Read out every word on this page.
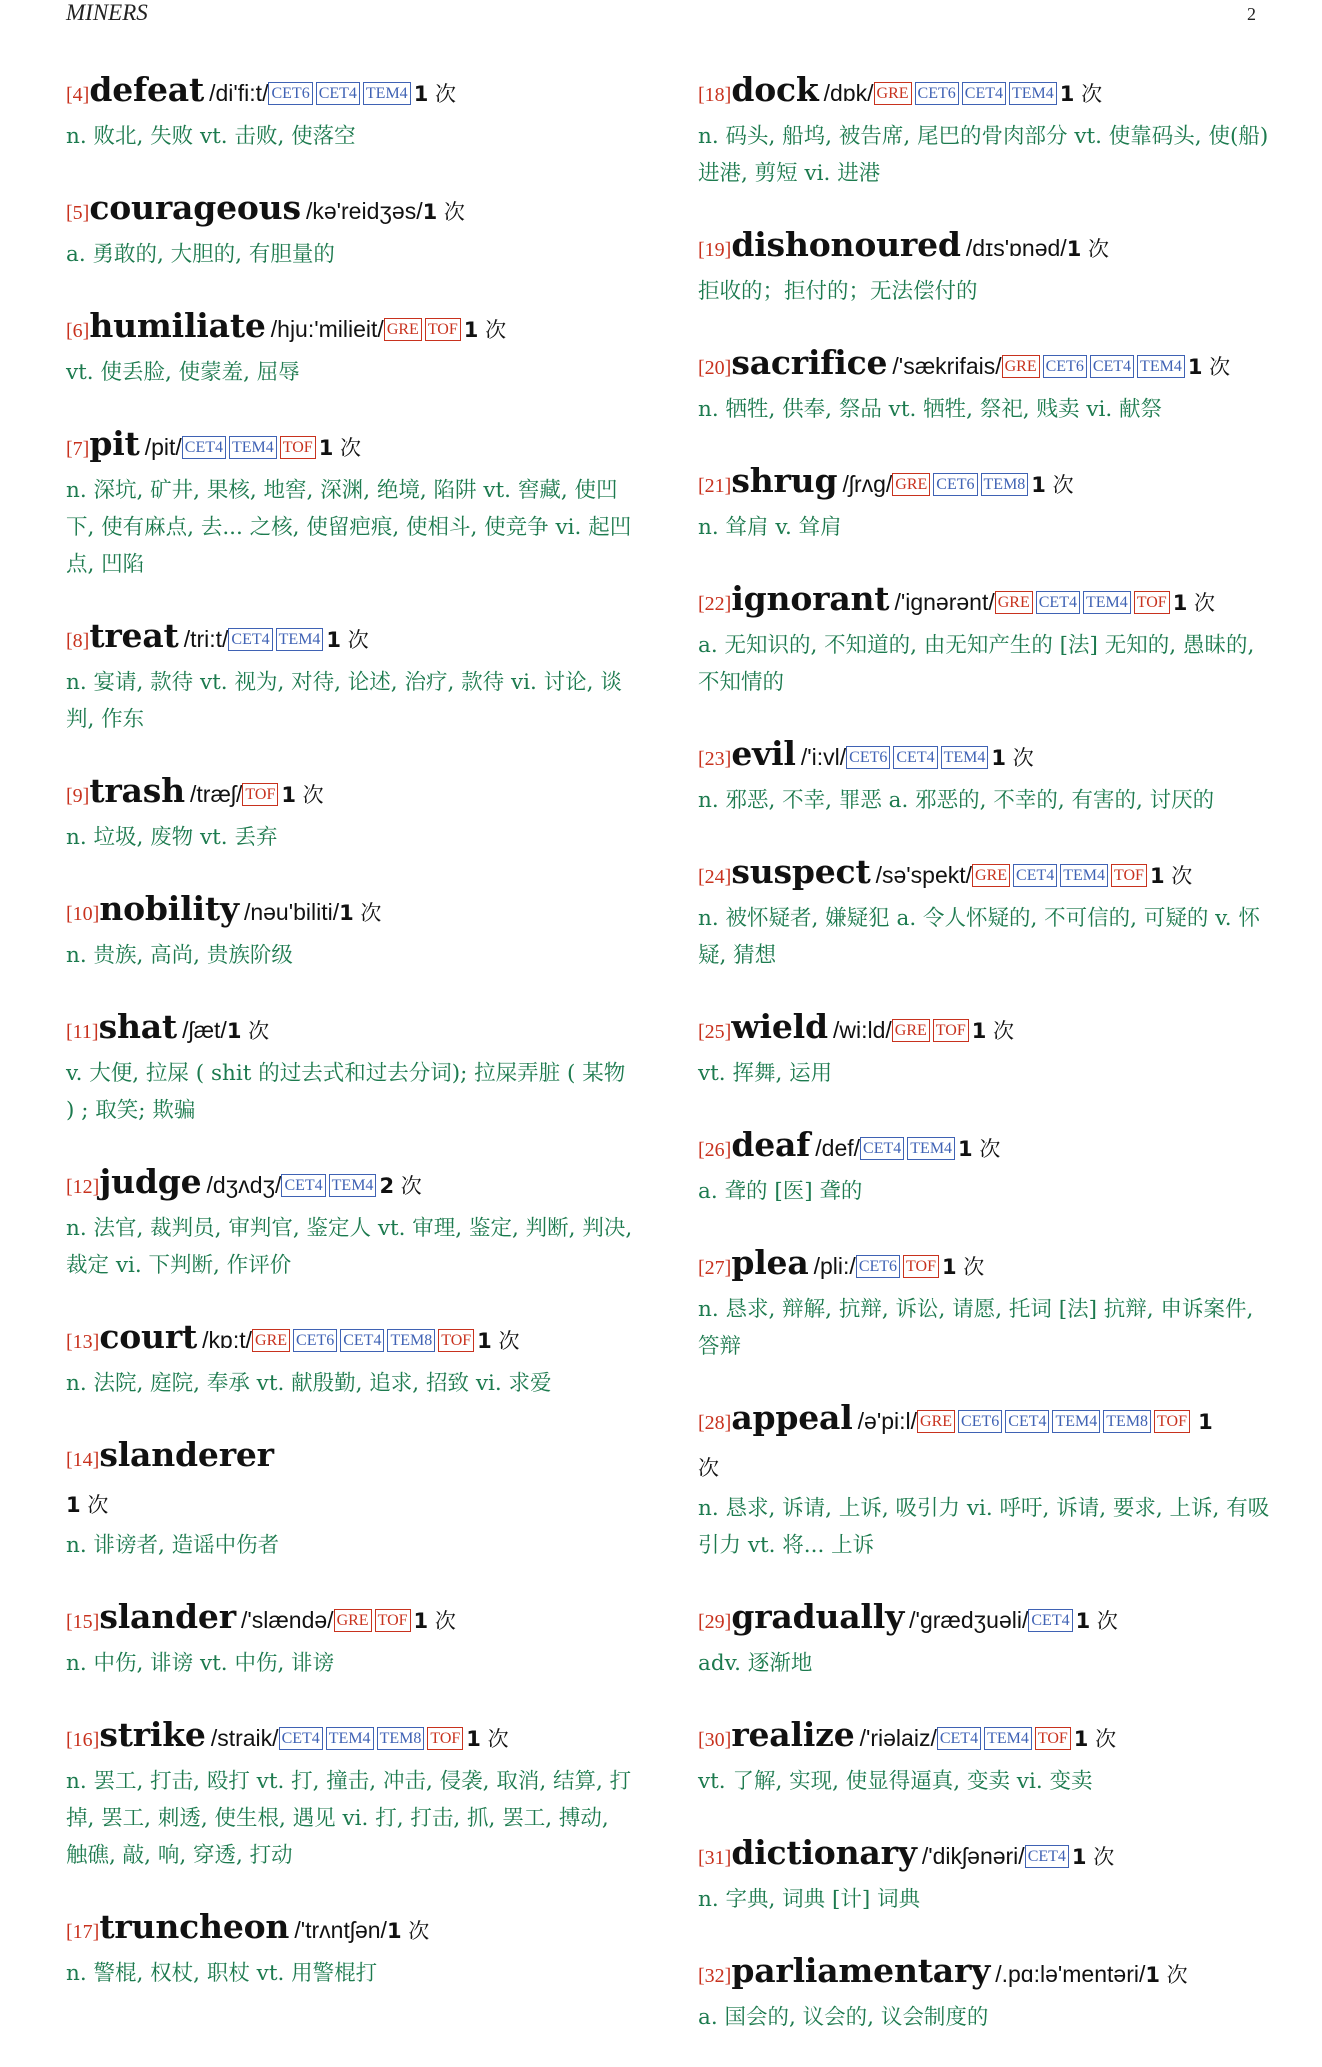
MINERS	2
[4]defeat /di'fi:t/ CET6 CET4 TEM4 1 次
n. 败北, 失败 vt. 击败, 使落空
[5]courageous /kə'reidʒəs/1 次
a. 勇敢的, 大胆的, 有胆量的
[6]humiliate /hju:'milieit/ GRE TOF 1 次
vt. 使丢脸, 使蒙羞, 屈辱
[7]pit /pit/ CET4 TEM4 TOF 1 次
n. 深坑, 矿井, 果核, 地窖, 深渊, 绝境, 陷阱 vt. 窖藏, 使凹下, 使有麻点, 去... 之核, 使留疤痕, 使相斗, 使竞争 vi. 起凹点, 凹陷
[8]treat /tri:t/ CET4 TEM4 1 次
n. 宴请, 款待 vt. 视为, 对待, 论述, 治疗, 款待 vi. 讨论, 谈判, 作东
[9]trash /træʃ/ TOF 1 次
n. 垃圾, 废物 vt. 丢弃
[10]nobility /nəu'biliti/1 次
n. 贵族, 高尚, 贵族阶级
[11]shat /ʃæt/1 次
v. 大便, 拉屎 ( shit 的过去式和过去分词); 拉屎弄脏 ( 某物 ) ; 取笑; 欺骗
[12]judge /dʒʌdʒ/ CET4 TEM4 2 次
n. 法官, 裁判员, 审判官, 鉴定人 vt. 审理, 鉴定, 判断, 判决, 裁定 vi. 下判断, 作评价
[13]court /kɒ:t/ GRE CET6 CET4 TEM8 TOF 1 次
n. 法院, 庭院, 奉承 vt. 献殷勤, 追求, 招致 vi. 求爱
[14]slanderer
1 次
n. 诽谤者, 造谣中伤者
[15]slander /'slændə/ GRE TOF 1 次
n. 中伤, 诽谤 vt. 中伤, 诽谤
[16]strike /straik/ CET4 TEM4 TEM8 TOF 1 次
n. 罢工, 打击, 殴打 vt. 打, 撞击, 冲击, 侵袭, 取消, 结算, 打掉, 罢工, 刺透, 使生根, 遇见 vi. 打, 打击, 抓, 罢工, 搏动, 触礁, 敲, 响, 穿透, 打动
[17]truncheon /'trʌntʃən/1 次
n. 警棍, 权杖, 职杖 vt. 用警棍打
[18]dock /dɒk/ GRE CET6 CET4 TEM4 1 次
n. 码头, 船坞, 被告席, 尾巴的骨肉部分 vt. 使靠码头, 使(船) 进港, 剪短 vi. 进港
[19]dishonoured /dɪs'ɒnəd/1 次
拒收的；拒付的；无法偿付的
[20]sacrifice /'sækrifais/ GRE CET6 CET4 TEM4 1 次
n. 牺牲, 供奉, 祭品 vt. 牺牲, 祭祀, 贱卖 vi. 献祭
[21]shrug /ʃrʌg/ GRE CET6 TEM8 1 次
n. 耸肩 v. 耸肩
[22]ignorant /'ignərənt/ GRE CET4 TEM4 TOF 1 次
a. 无知识的, 不知道的, 由无知产生的 [法] 无知的, 愚昧的, 不知情的
[23]evil /'i:vl/ CET6 CET4 TEM4 1 次
n. 邪恶, 不幸, 罪恶 a. 邪恶的, 不幸的, 有害的, 讨厌的
[24]suspect /sə'spekt/ GRE CET4 TEM4 TOF 1 次
n. 被怀疑者, 嫌疑犯 a. 令人怀疑的, 不可信的, 可疑的 v. 怀疑, 猜想
[25]wield /wi:ld/ GRE TOF 1 次
vt. 挥舞, 运用
[26]deaf /def/ CET4 TEM4 1 次
a. 聋的 [医] 聋的
[27]plea /pli:/ CET6 TOF 1 次
n. 恳求, 辩解, 抗辩, 诉讼, 请愿, 托词 [法] 抗辩, 申诉案件, 答辩
[28]appeal /ə'pi:l/ GRE CET6 CET4 TEM4 TEM8 TOF 1
次
n. 恳求, 诉请, 上诉, 吸引力 vi. 呼吁, 诉请, 要求, 上诉, 有吸引力 vt. 将... 上诉
[29]gradually /'grædʒuəli/ CET4 1 次
adv. 逐渐地
[30]realize /'riəlaiz/ CET4 TEM4 TOF 1 次
vt. 了解, 实现, 使显得逼真, 变卖 vi. 变卖
[31]dictionary /'dikʃənəri/ CET4 1 次
n. 字典, 词典 [计] 词典
[32]parliamentary /.pɑ:lə'mentəri/1 次
a. 国会的, 议会的, 议会制度的
